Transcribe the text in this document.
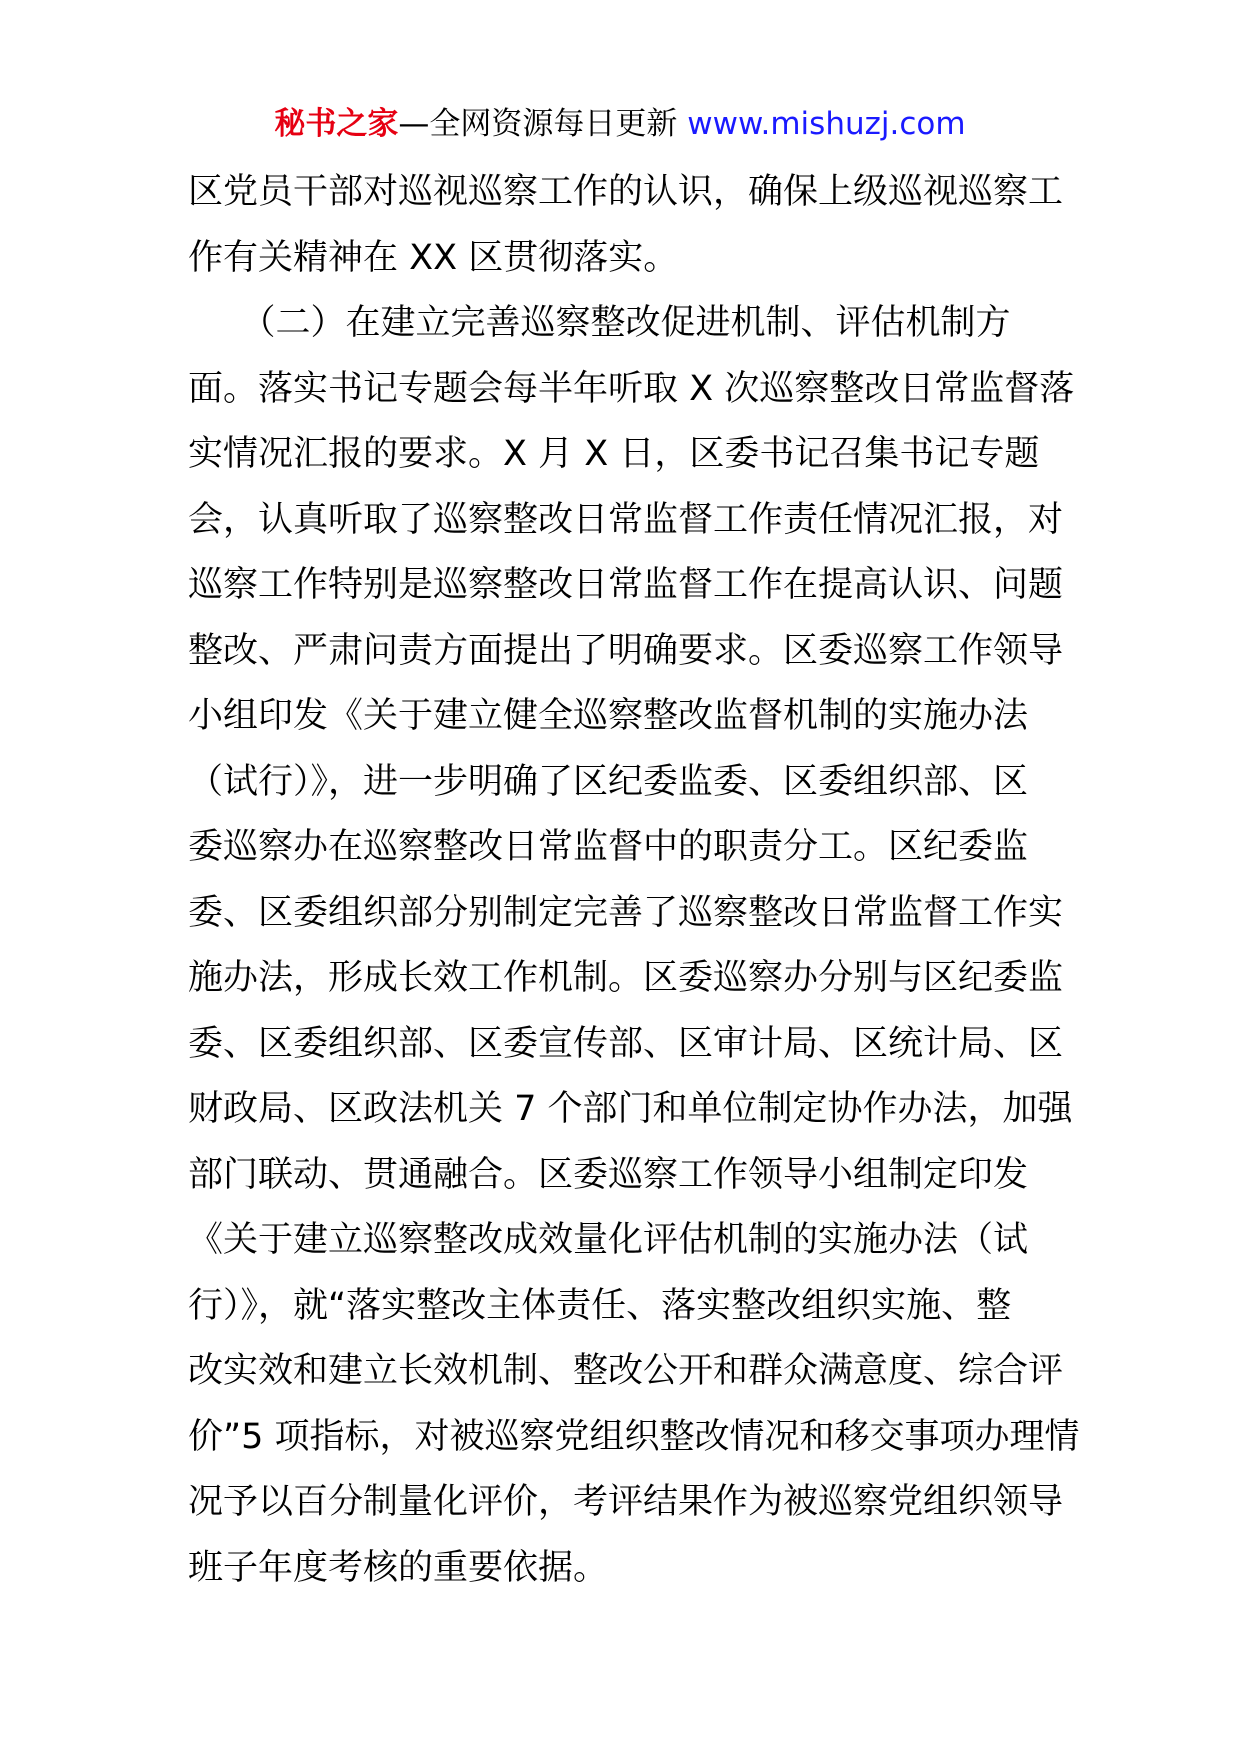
秘书之家—全网资源每日更新 www.mishuzj.com
区党员干部对巡视巡察工作的认识，确保上级巡视巡察工
作有关精神在 XX 区贯彻落实。
　　（二）在建立完善巡察整改促进机制、评估机制方
面。落实书记专题会每半年听取 X 次巡察整改日常监督落
实情况汇报的要求。X 月 X 日，区委书记召集书记专题
会，认真听取了巡察整改日常监督工作责任情况汇报，对
巡察工作特别是巡察整改日常监督工作在提高认识、问题
整改、严肃问责方面提出了明确要求。区委巡察工作领导
小组印发《关于建立健全巡察整改监督机制的实施办法
（试行）》，进一步明确了区纪委监委、区委组织部、区
委巡察办在巡察整改日常监督中的职责分工。区纪委监
委、区委组织部分别制定完善了巡察整改日常监督工作实
施办法，形成长效工作机制。区委巡察办分别与区纪委监
委、区委组织部、区委宣传部、区审计局、区统计局、区
财政局、区政法机关 7 个部门和单位制定协作办法，加强
部门联动、贯通融合。区委巡察工作领导小组制定印发
《关于建立巡察整改成效量化评估机制的实施办法（试
行）》，就“落实整改主体责任、落实整改组织实施、整
改实效和建立长效机制、整改公开和群众满意度、综合评
价”5 项指标，对被巡察党组织整改情况和移交事项办理情
况予以百分制量化评价，考评结果作为被巡察党组织领导
班子年度考核的重要依据。
